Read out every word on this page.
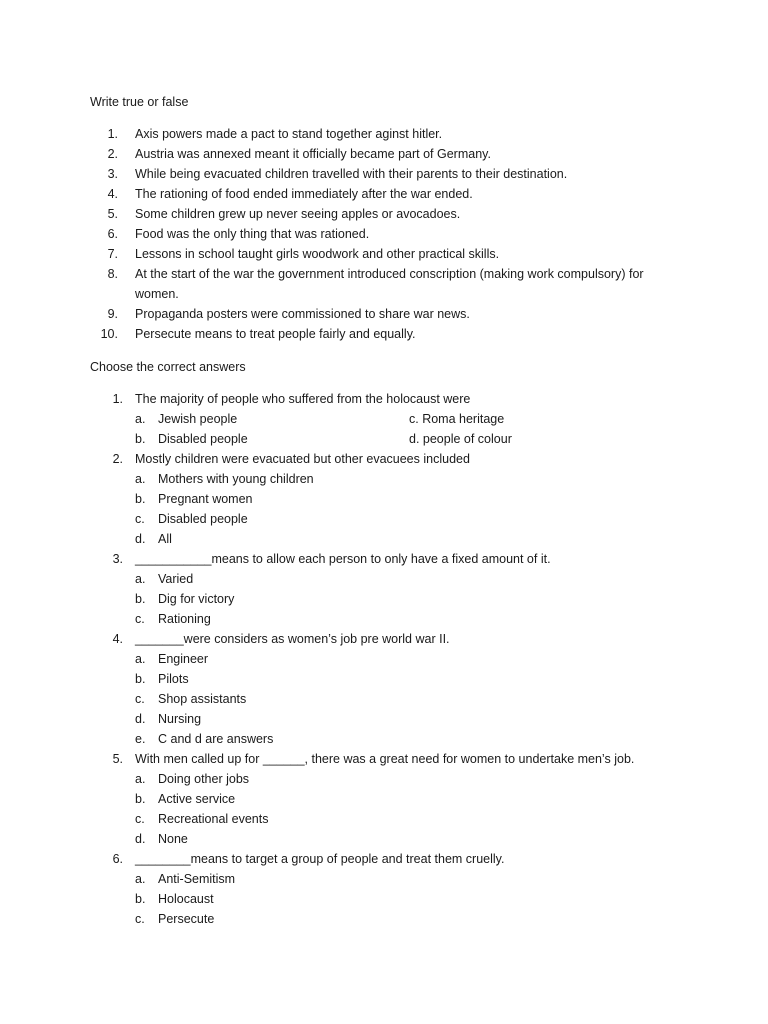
Write true or false
1. Axis powers made a pact to stand together aginst hitler.
2. Austria was annexed meant it officially became part of Germany.
3. While being evacuated children travelled with their parents to their destination.
4. The rationing of food ended immediately after the war ended.
5. Some children grew up never seeing apples or avocadoes.
6. Food was the only thing that was rationed.
7. Lessons in school taught girls woodwork and other practical skills.
8. At the start of the war the government introduced conscription (making work compulsory) for women.
9. Propaganda posters were commissioned to share war news.
10. Persecute means to treat people fairly and equally.
Choose the correct answers
1. The majority of people who suffered from the holocaust were
a. Jewish people	c. Roma heritage
b. Disabled people	d. people of colour
2. Mostly children were evacuated but other evacuees included
a. Mothers with young children
b. Pregnant women
c. Disabled people
d. All
3. ___________means to allow each person to only have a fixed amount of it.
a. Varied
b. Dig for victory
c. Rationing
4. _______were considers as women’s job pre world war II.
a. Engineer
b. Pilots
c. Shop assistants
d. Nursing
e. C and d are answers
5. With men called up for ______, there was a great need for women to undertake men’s job.
a. Doing other jobs
b. Active service
c. Recreational events
d. None
6. ________means to target a group of people and treat them cruelly.
a. Anti-Semitism
b. Holocaust
c. Persecute
